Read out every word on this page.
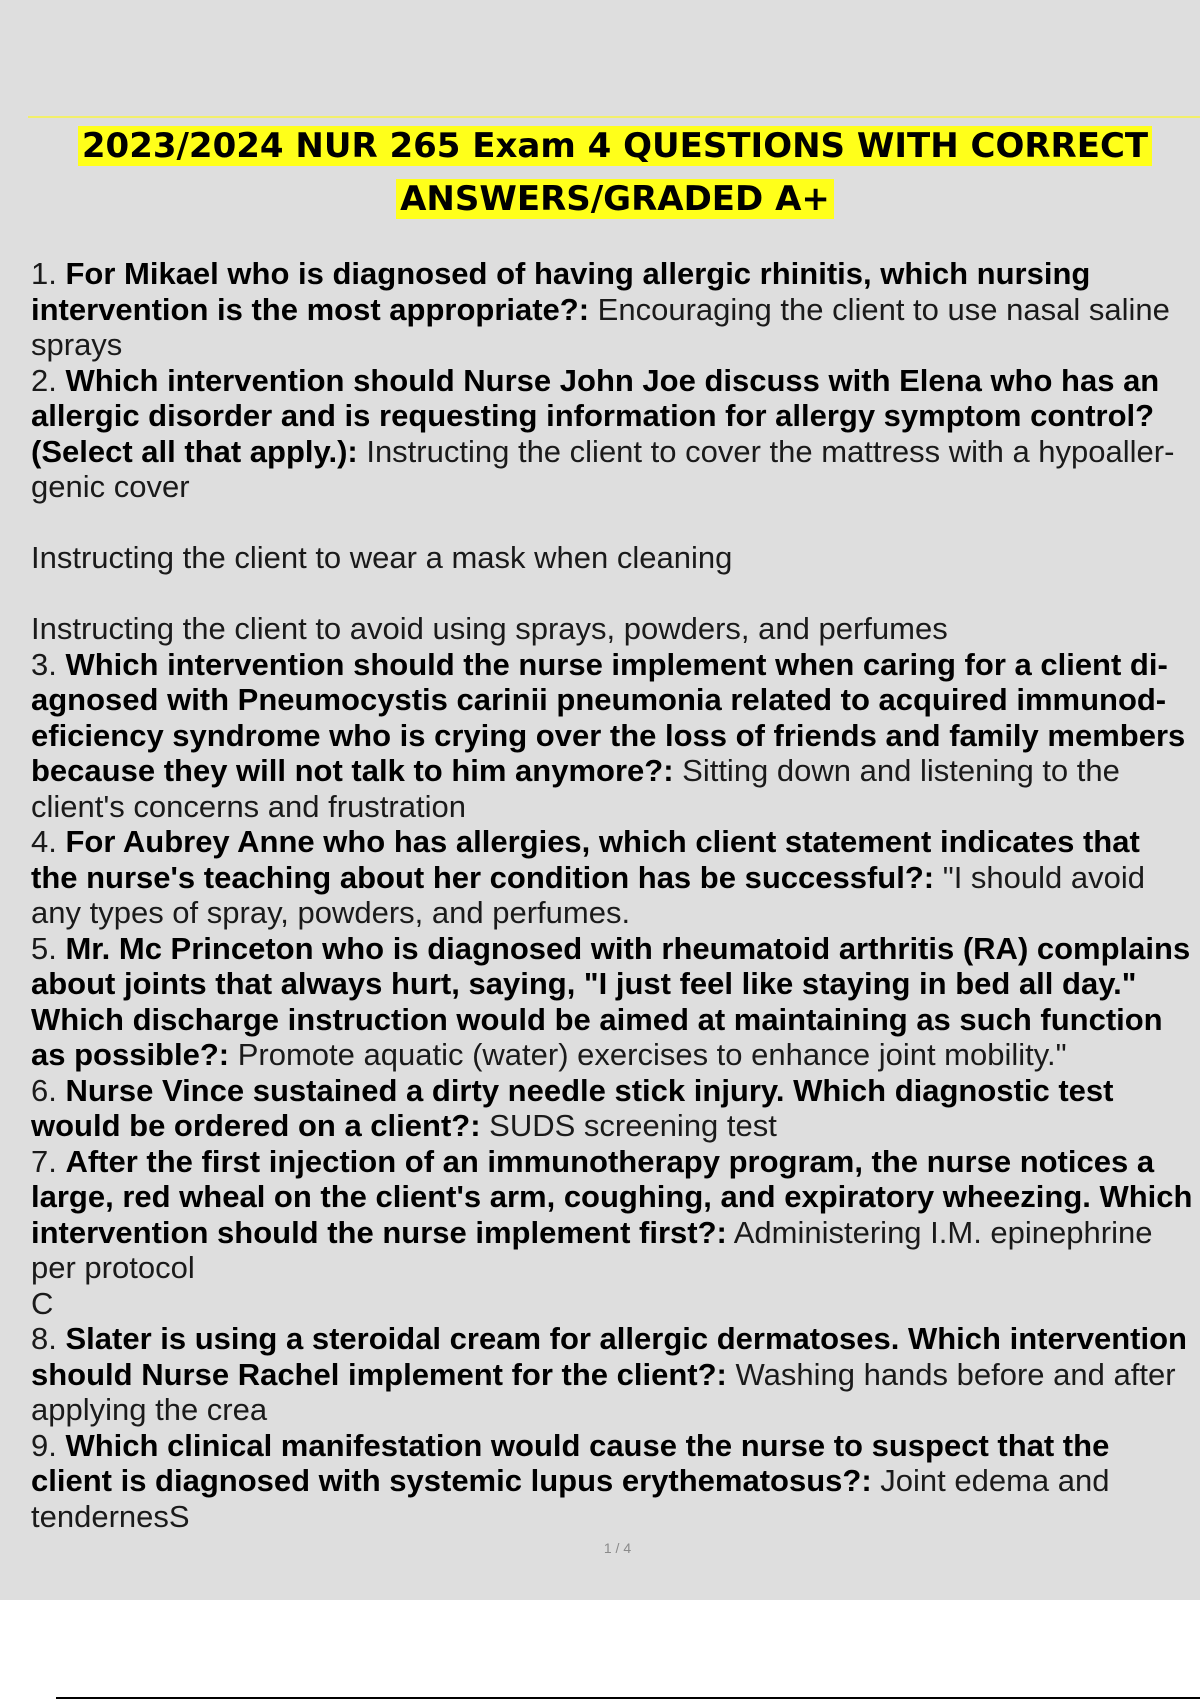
2023/2024 NUR 265 Exam 4 QUESTIONS WITH CORRECT
ANSWERS/GRADED A+
1. For Mikael who is diagnosed of having allergic rhinitis, which nursing
intervention is the most appropriate?: Encouraging the client to use nasal saline
sprays
2. Which intervention should Nurse John Joe discuss with Elena who has an
allergic disorder and is requesting information for allergy symptom control?
(Select all that apply.): Instructing the client to cover the mattress with a hypoaller-
genic cover
Instructing the client to wear a mask when cleaning
Instructing the client to avoid using sprays, powders, and perfumes
3. Which intervention should the nurse implement when caring for a client di-
agnosed with Pneumocystis carinii pneumonia related to acquired immunod-
eficiency syndrome who is crying over the loss of friends and family members
because they will not talk to him anymore?: Sitting down and listening to the
client's concerns and frustration
4. For Aubrey Anne who has allergies, which client statement indicates that
the nurse's teaching about her condition has be successful?: "I should avoid
any types of spray, powders, and perfumes.
5. Mr. Mc Princeton who is diagnosed with rheumatoid arthritis (RA) complains
about joints that always hurt, saying, "I just feel like staying in bed all day."
Which discharge instruction would be aimed at maintaining as such function
as possible?: Promote aquatic (water) exercises to enhance joint mobility."
6. Nurse Vince sustained a dirty needle stick injury. Which diagnostic test
would be ordered on a client?: SUDS screening test
7. After the first injection of an immunotherapy program, the nurse notices a
large, red wheal on the client's arm, coughing, and expiratory wheezing. Which
intervention should the nurse implement first?: Administering I.M. epinephrine
per protocol
C
8. Slater is using a steroidal cream for allergic dermatoses. Which intervention
should Nurse Rachel implement for the client?: Washing hands before and after
applying the crea
9. Which clinical manifestation would cause the nurse to suspect that the
client is diagnosed with systemic lupus erythematosus?: Joint edema and
tendernesS
1 / 4
